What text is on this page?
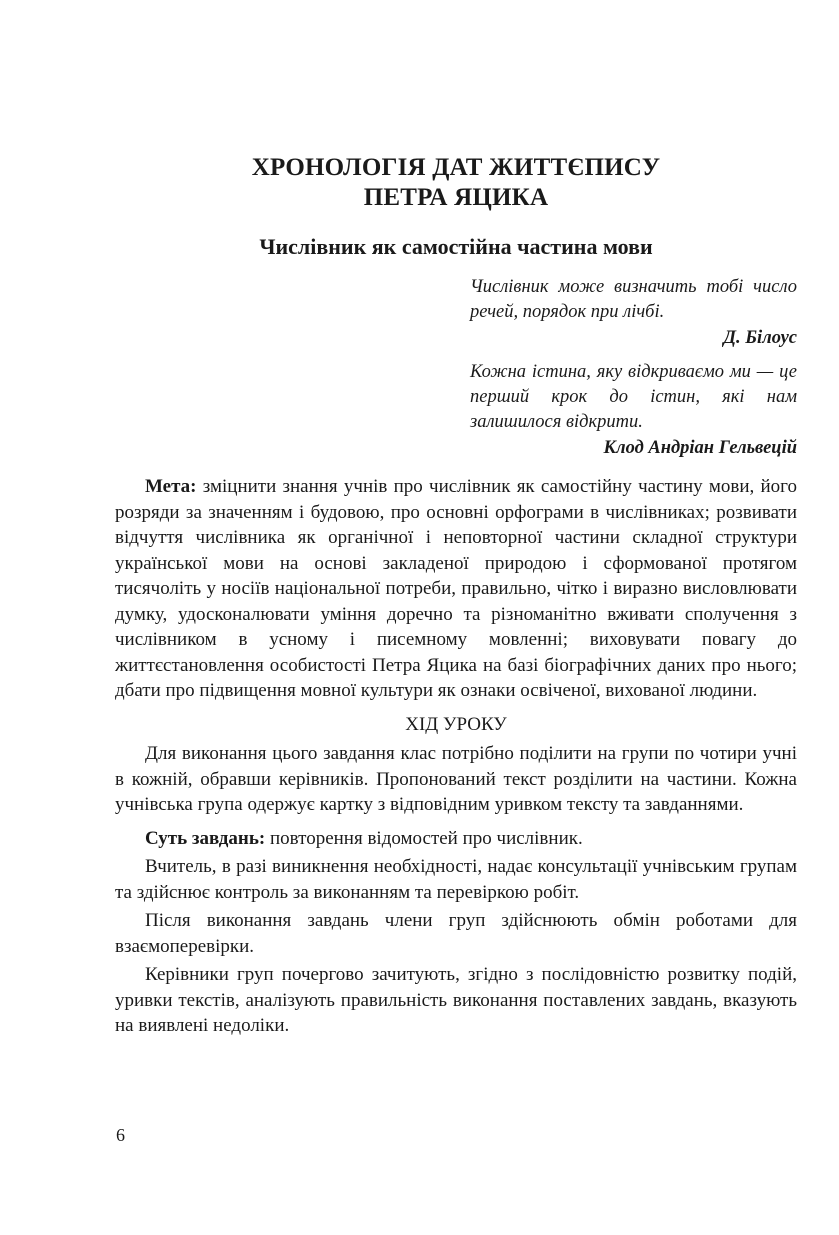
ХРОНОЛОГІЯ ДАТ ЖИТТЄПИСУ
ПЕТРА ЯЦИКА

Числівник як самостійна частина мови

Числівник може визначить тобі число речей, порядок при лічбі.

Д. Білоус

Кожна істина, яку відкриваємо ми — це перший крок до істин, які нам залишилося відкрити.

Клод Андріан Гельвецій

Мета: зміцнити знання учнів про числівник як самостійну частину мови, його розряди за значенням і будовою, про основні орфограми в числівниках; розвивати відчуття числівника як органічної і неповторної частини складної структури української мови на основі закладеної природою і сформованої протягом тисячоліть у носіїв національної потреби, правильно, чітко і виразно висловлювати думку, удосконалювати уміння доречно та різноманітно вживати сполучення з числівником в усному і писемному мовленні; виховувати повагу до життєстановлення особистості Петра Яцика на базі біографічних даних про нього; дбати про підвищення мовної культури як ознаки освіченої, вихованої людини.

ХІД УРОКУ

Для виконання цього завдання клас потрібно поділити на групи по чотири учні в кожній, обравши керівників. Пропонований текст розділити на частини. Кожна учнівська група одержує картку з відповідним уривком тексту та завданнями.

Суть завдань: повторення відомостей про числівник.

Вчитель, в разі виникнення необхідності, надає консультації учнівським групам та здійснює контроль за виконанням та перевіркою робіт.

Після виконання завдань члени груп здійснюють обмін роботами для взаємоперевірки.

Керівники груп почергово зачитують, згідно з послідовністю розвитку подій, уривки текстів, аналізують правильність виконання поставлених завдань, вказують на виявлені недоліки.

6
